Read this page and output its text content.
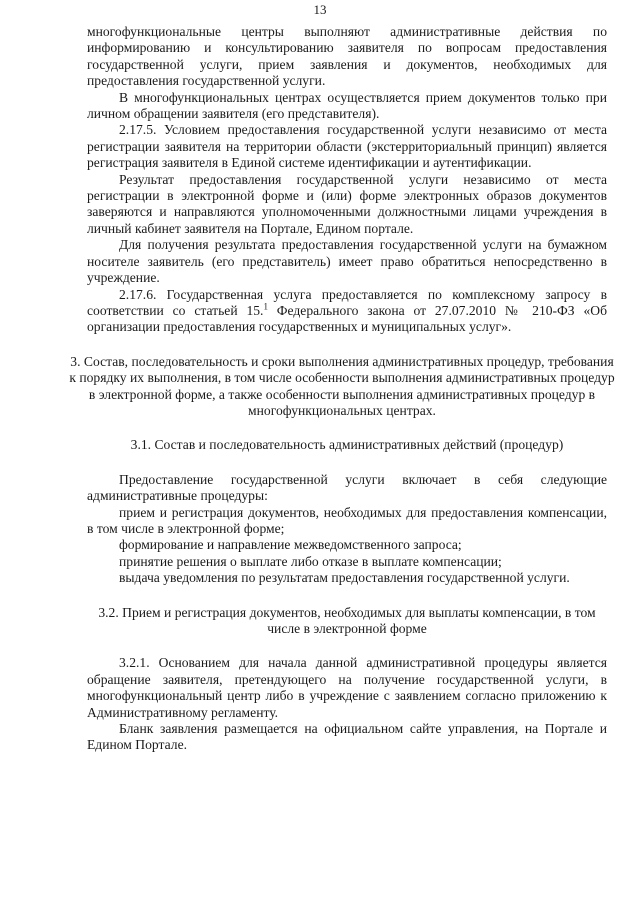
13

многофункциональные центры выполняют административные действия по информированию и консультированию заявителя по вопросам предоставления государственной услуги, прием заявления и документов, необходимых для предоставления государственной услуги.

В многофункциональных центрах осуществляется прием документов только при личном обращении заявителя (его представителя).

2.17.5. Условием предоставления государственной услуги независимо от места регистрации заявителя на территории области (экстерриториальный принцип) является регистрация заявителя в Единой системе идентификации и аутентификации.

Результат предоставления государственной услуги независимо от места регистрации в электронной форме и (или) форме электронных образов документов заверяются и направляются уполномоченными должностными лицами учреждения в личный кабинет заявителя на Портале, Едином портале.

Для получения результата предоставления государственной услуги на бумажном носителе заявитель (его представитель) имеет право обратиться непосредственно в учреждение.

2.17.6. Государственная услуга предоставляется по комплексному запросу в соответствии со статьей 15.$^1$ Федерального закона от 27.07.2010 № 210-ФЗ «Об организации предоставления государственных и муниципальных услуг».

3. Состав, последовательность и сроки выполнения административных процедур, требования к порядку их выполнения, в том числе особенности выполнения административных процедур в электронной форме, а также особенности выполнения административных процедур в многофункциональных центрах.

3.1. Состав и последовательность административных действий (процедур)

Предоставление государственной услуги включает в себя следующие административные процедуры:

прием и регистрация документов, необходимых для предоставления компенсации, в том числе в электронной форме;

формирование и направление межведомственного запроса;

принятие решения о выплате либо отказе в выплате компенсации;

выдача уведомления по результатам предоставления государственной услуги.

3.2. Прием и регистрация документов, необходимых для выплаты компенсации, в том числе в электронной форме

3.2.1. Основанием для начала данной административной процедуры является обращение заявителя, претендующего на получение государственной услуги, в многофункциональный центр либо в учреждение с заявлением согласно приложению к Административному регламенту.

Бланк заявления размещается на официальном сайте управления, на Портале и Едином Портале.
